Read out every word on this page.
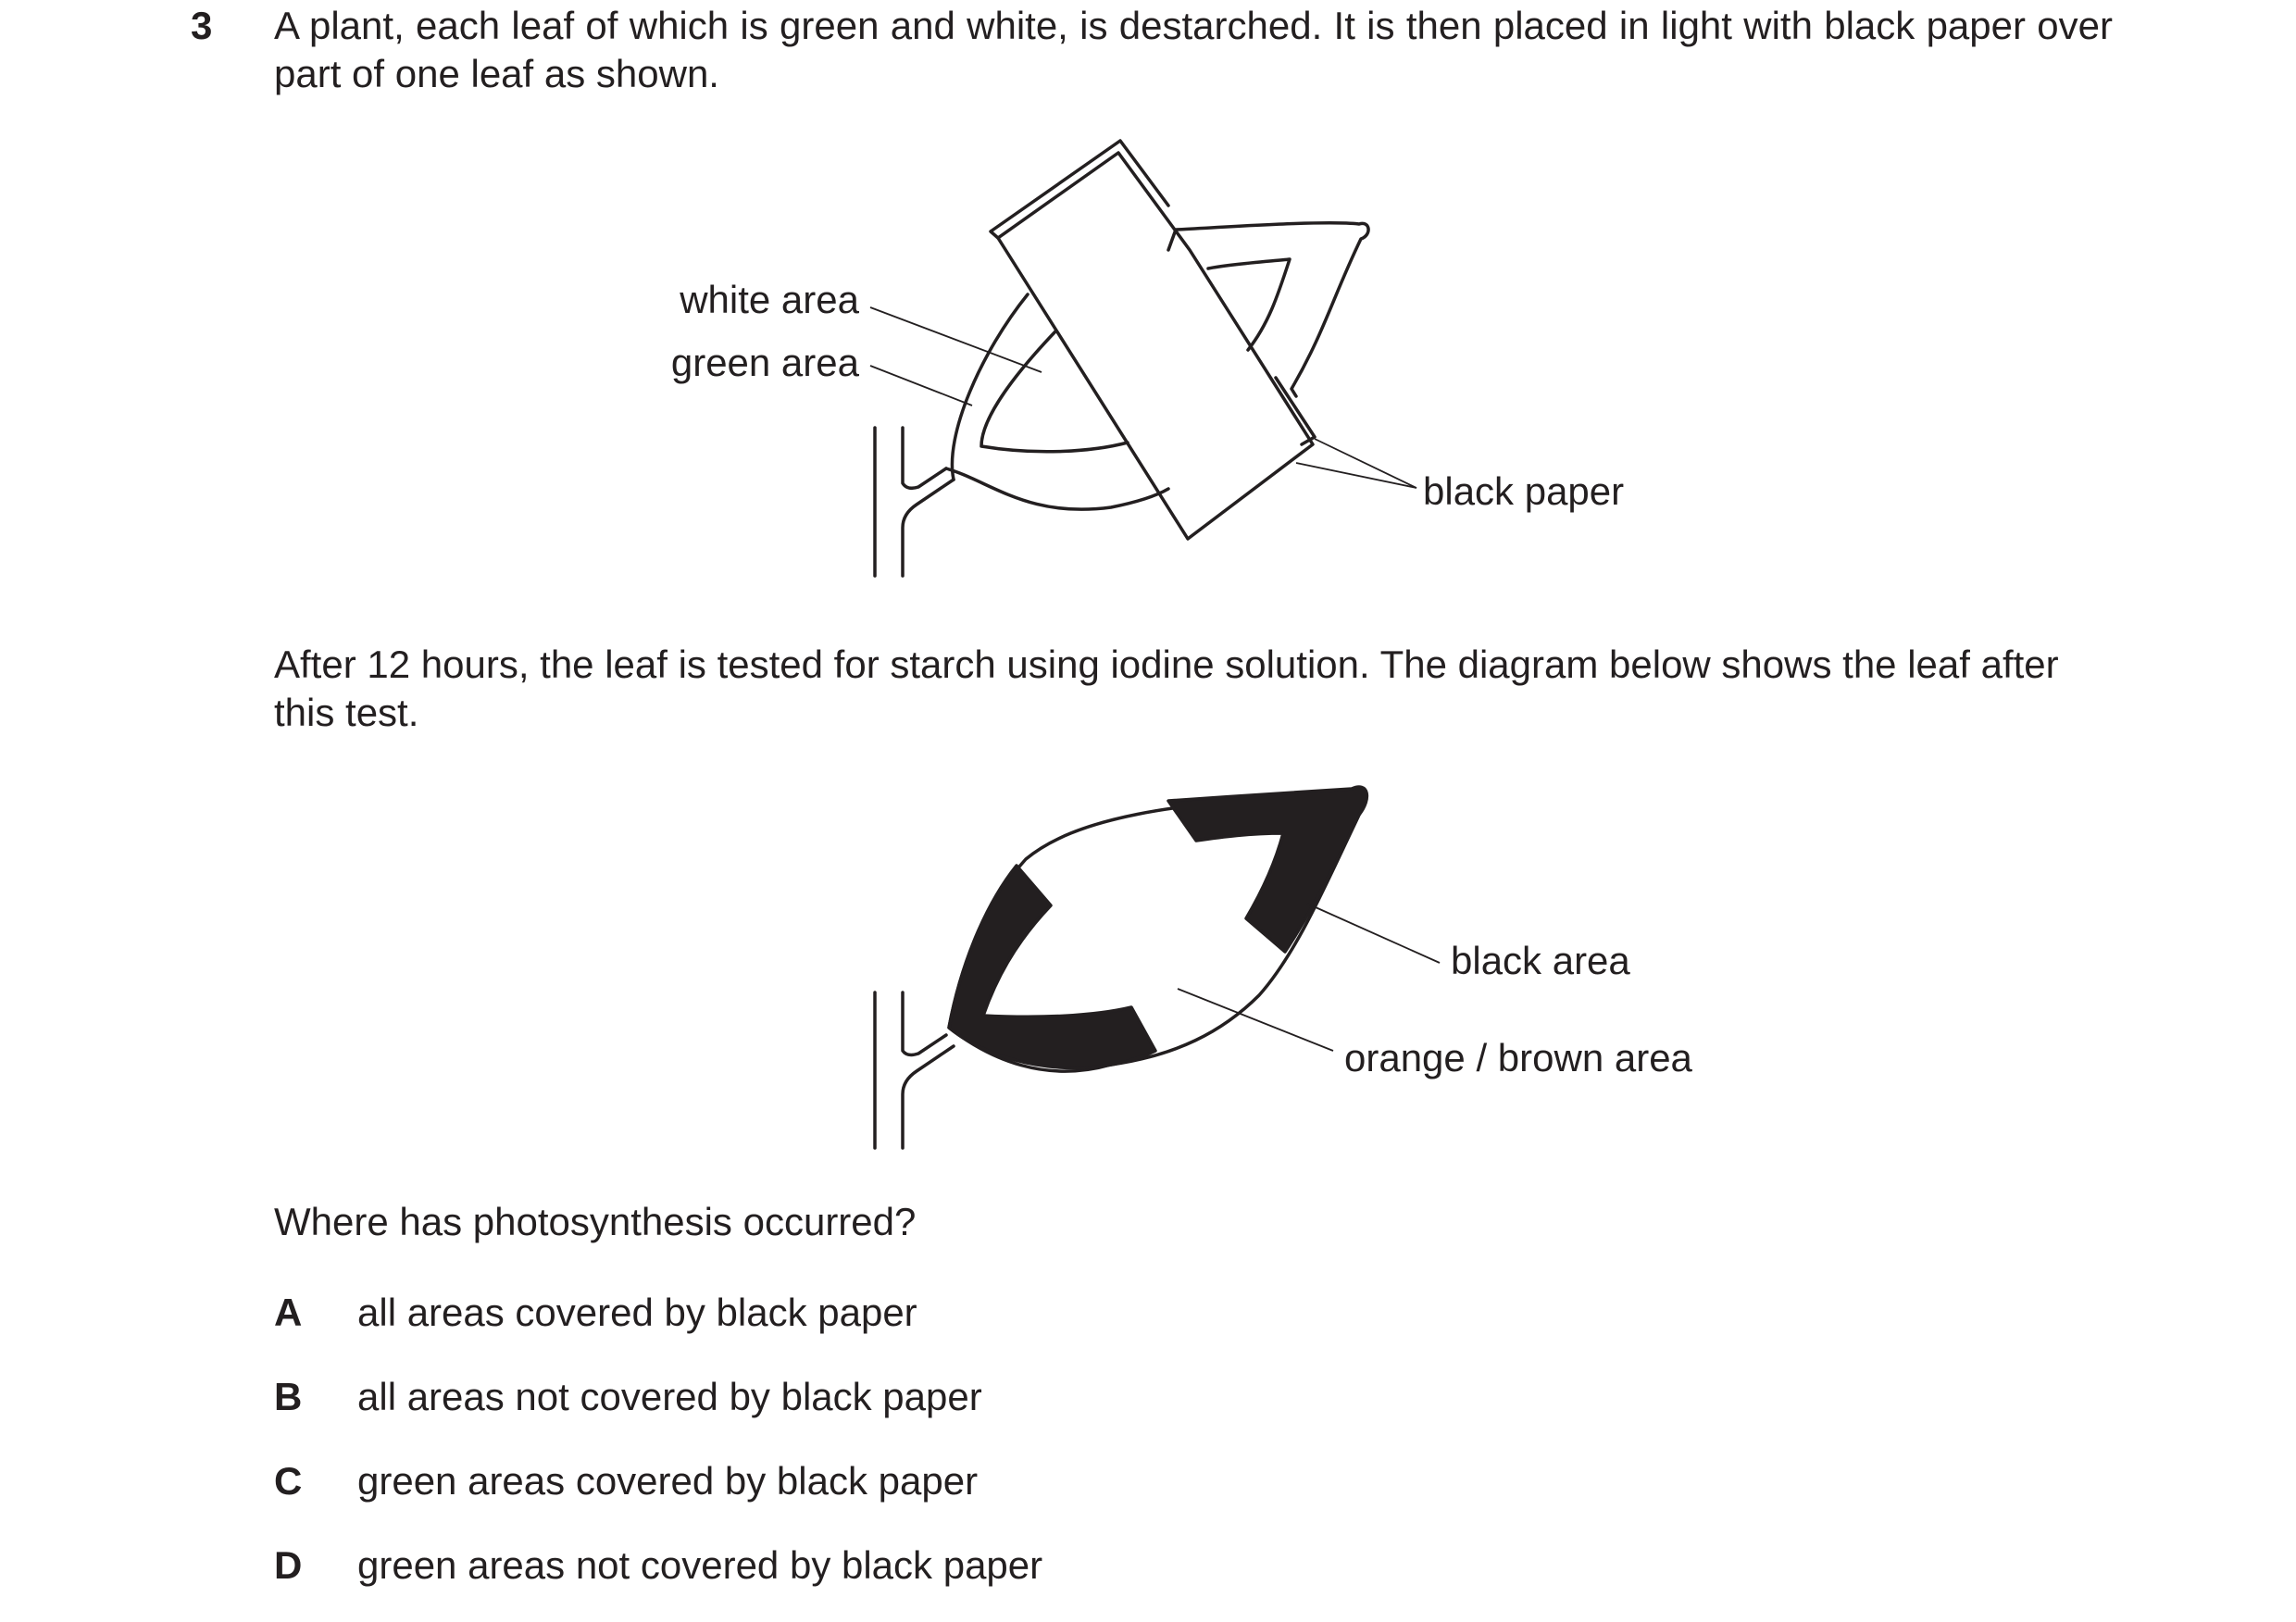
3 A plant, each leaf of which is green and white, is destarched. It is then placed in light with black paper over part of one leaf as shown.
white area
green area
black paper
After 12 hours, the leaf is tested for starch using iodine solution. The diagram below shows the leaf after this test.
black area
orange / brown area
Where has photosynthesis occurred?
A all areas covered by black paper
B all areas not covered by black paper
C green areas covered by black paper
D green areas not covered by black paper
